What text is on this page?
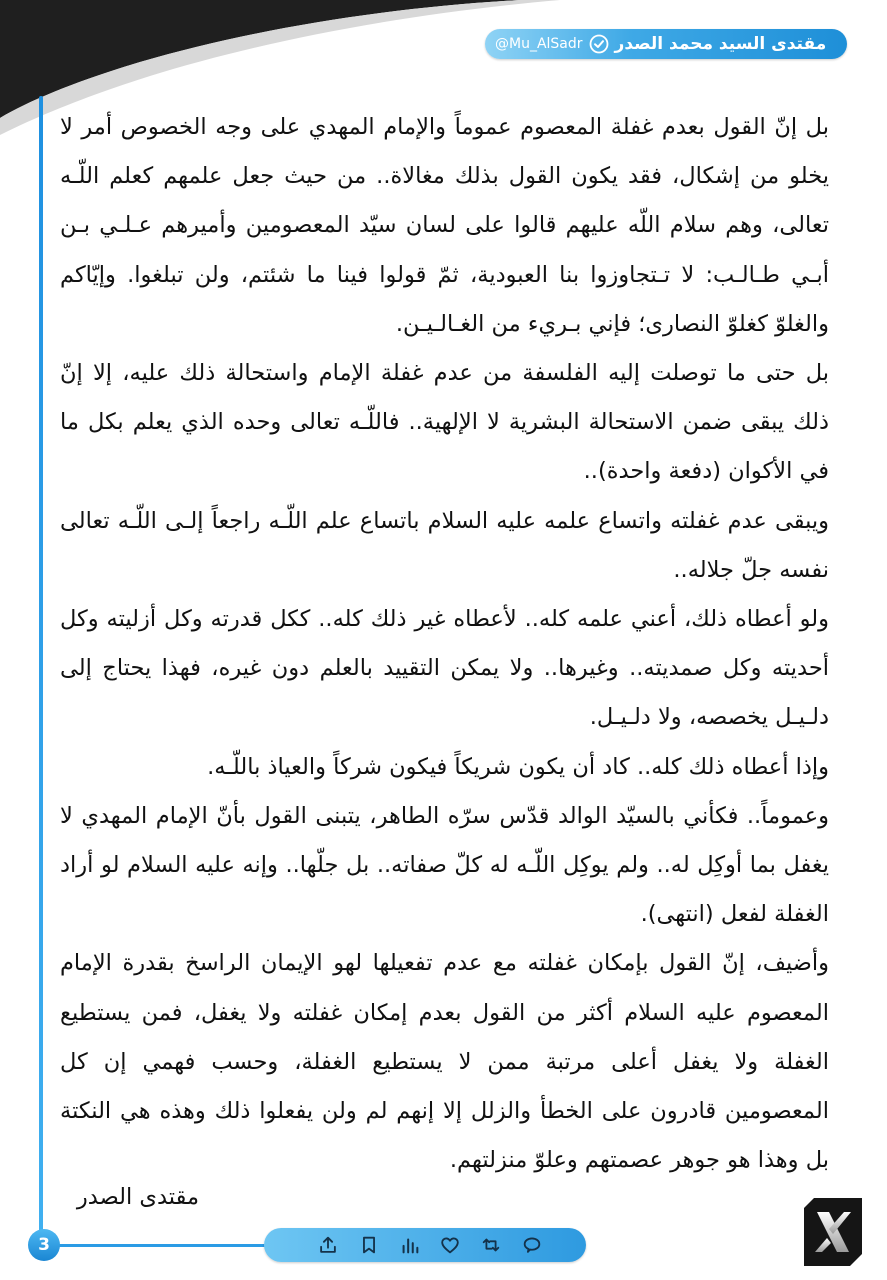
مقتدى السيد محمد الصدر
@Mu_AlSadr

بل إنّ القول بعدم غفلة المعصوم عموماً والإمام المهدي على وجه الخصوص أمر لا يخلو من إشكال، فقد يكون القول بذلك مغالاة.. من حيث جعل علمهم كعلم اللّـه تعالى، وهم سلام اللّه عليهم قالوا على لسان سيّد المعصومين وأميرهم عـلـي بـن أبـي طـالـب: لا تـتجاوزوا بنا العبودية، ثمّ قولوا فينا ما شئتم، ولن تبلغوا. وإيّاكم والغلوّ كغلوّ النصارى؛ فإني بـريء من الغـالـيـن.

بل حتى ما توصلت إليه الفلسفة من عدم غفلة الإمام واستحالة ذلك عليه، إلا إنّ ذلك يبقى ضمن الاستحالة البشرية لا الإلهية.. فاللّـه تعالى وحده الذي يعلم بكل ما في الأكوان (دفعة واحدة)..

ويبقى عدم غفلته واتساع علمه عليه السلام باتساع علم اللّـه راجعاً إلـى اللّـه تعالى نفسه جلّ جلاله..

ولو أعطاه ذلك، أعني علمه كله.. لأعطاه غير ذلك كله.. ككل قدرته وكل أزليته وكل أحديته وكل صمديته.. وغيرها.. ولا يمكن التقييد بالعلم دون غيره، فهذا يحتاج إلى دلـيـل يخصصه، ولا دلـيـل.

وإذا أعطاه ذلك كله.. كاد أن يكون شريكاً فيكون شركاً والعياذ باللّـه.

وعموماً.. فكأني بالسيّد الوالد قدّس سرّه الطاهر، يتبنى القول بأنّ الإمام المهدي لا يغفل بما أوكِل له.. ولم يوكِل اللّـه له كلّ صفاته.. بل جلّها.. وإنه عليه السلام لو أراد الغفلة لفعل (انتهى).

وأضيف، إنّ القول بإمكان غفلته مع عدم تفعيلها لهو الإيمان الراسخ بقدرة الإمام المعصوم عليه السلام أكثر من القول بعدم إمكان غفلته ولا يغفل، فمن يستطيع الغفلة ولا يغفل أعلى مرتبة ممن لا يستطيع الغفلة، وحسب فهمي إن كل المعصومين قادرون على الخطأ والزلل إلا إنهم لم ولن يفعلوا ذلك وهذه هي النكتة بل وهذا هو جوهر عصمتهم وعلوّ منزلتهم.

مقتدى الصدر
3
